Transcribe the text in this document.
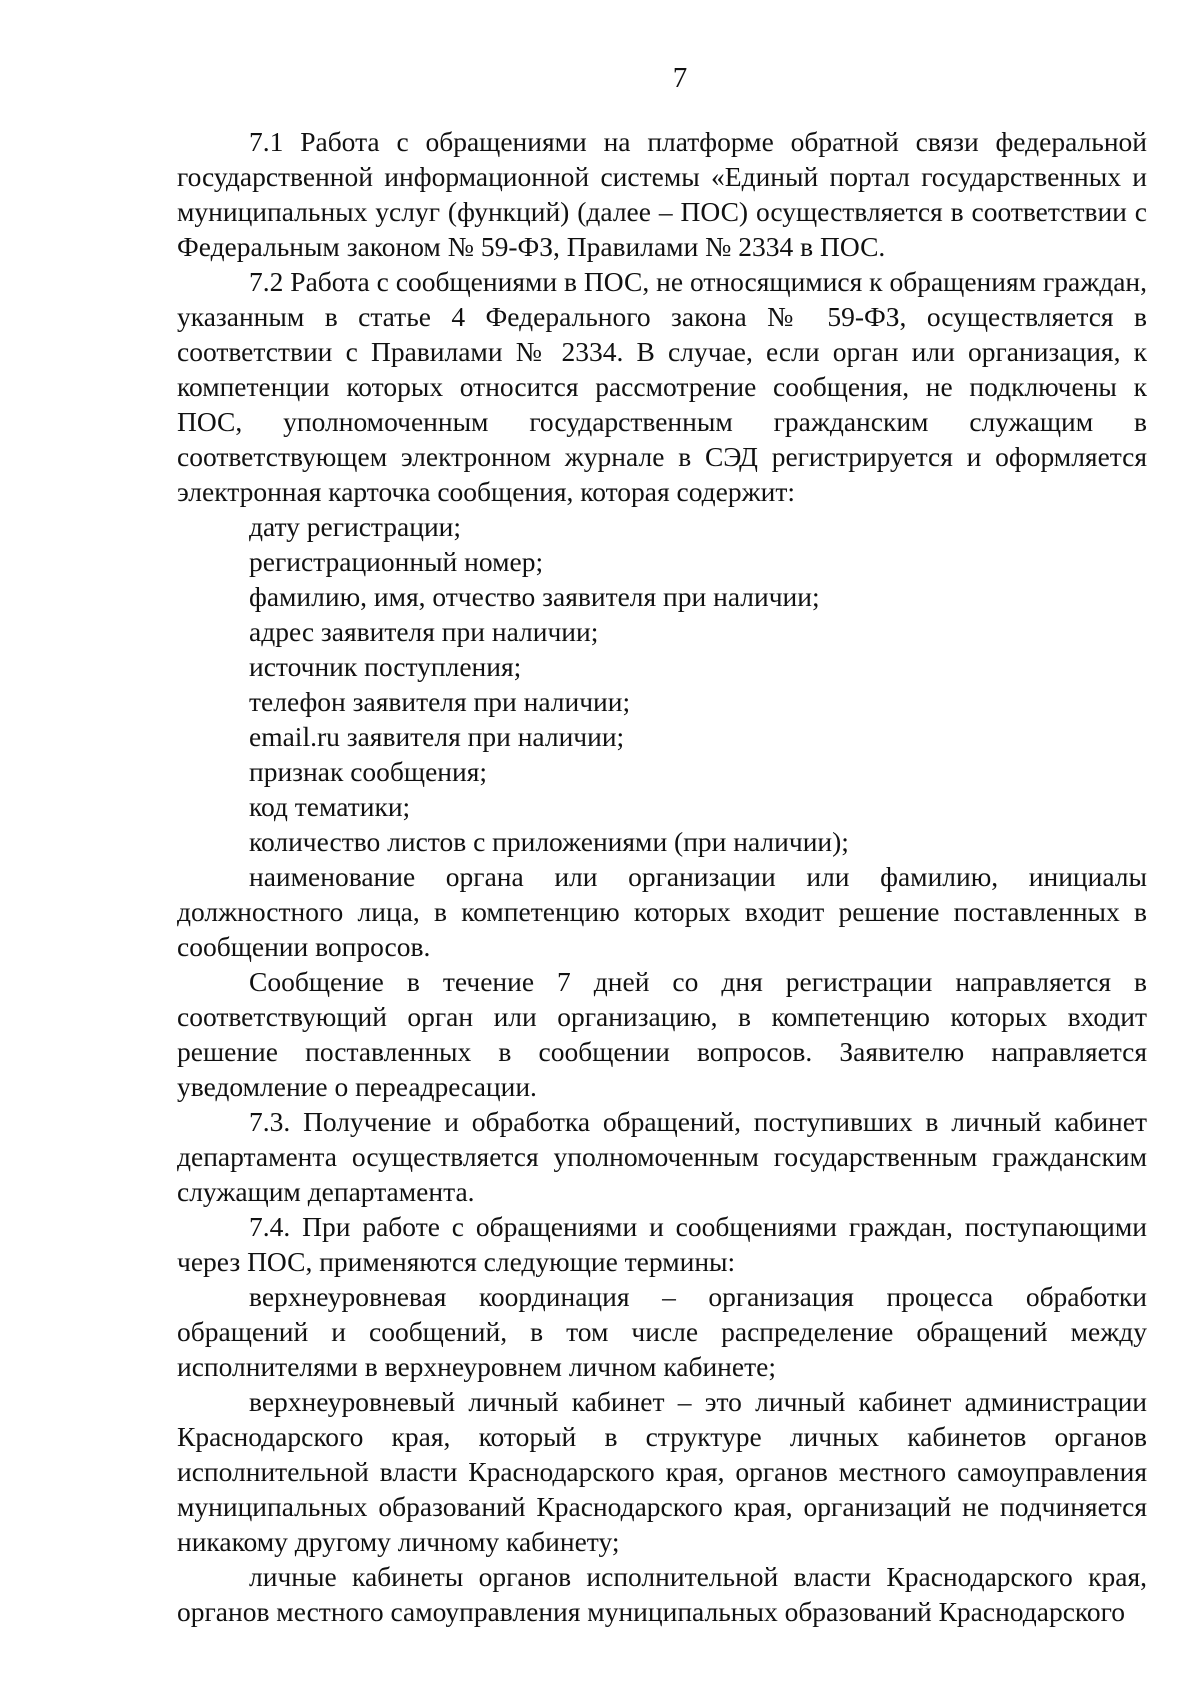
7

7.1 Работа с обращениями на платформе обратной связи федеральной государственной информационной системы «Единый портал государственных и муниципальных услуг (функций) (далее – ПОС) осуществляется в соответствии с Федеральным законом № 59-ФЗ, Правилами № 2334 в ПОС.

7.2 Работа с сообщениями в ПОС, не относящимися к обращениям граждан, указанным в статье 4 Федерального закона № 59-ФЗ, осуществляется в соответствии с Правилами № 2334. В случае, если орган или организация, к компетенции которых относится рассмотрение сообщения, не подключены к ПОС, уполномоченным государственным гражданским служащим в соответствующем электронном журнале в СЭД регистрируется и оформляется электронная карточка сообщения, которая содержит:

дату регистрации;

регистрационный номер;

фамилию, имя, отчество заявителя при наличии;

адрес заявителя при наличии;

источник поступления;

телефон заявителя при наличии;

email.ru заявителя при наличии;

признак сообщения;

код тематики;

количество листов с приложениями (при наличии);

наименование органа или организации или фамилию, инициалы должностного лица, в компетенцию которых входит решение поставленных в сообщении вопросов.

Сообщение в течение 7 дней со дня регистрации направляется в соответствующий орган или организацию, в компетенцию которых входит решение поставленных в сообщении вопросов. Заявителю направляется уведомление о переадресации.

7.3. Получение и обработка обращений, поступивших в личный кабинет департамента осуществляется уполномоченным государственным гражданским служащим департамента.

7.4. При работе с обращениями и сообщениями граждан, поступающими через ПОС, применяются следующие термины:

верхнеуровневая координация – организация процесса обработки обращений и сообщений, в том числе распределение обращений между исполнителями в верхнеуровнем личном кабинете;

верхнеуровневый личный кабинет – это личный кабинет администрации Краснодарского края, который в структуре личных кабинетов органов исполнительной власти Краснодарского края, органов местного самоуправления муниципальных образований Краснодарского края, организаций не подчиняется никакому другому личному кабинету;

личные кабинеты органов исполнительной власти Краснодарского края, органов местного самоуправления муниципальных образований Краснодарского
